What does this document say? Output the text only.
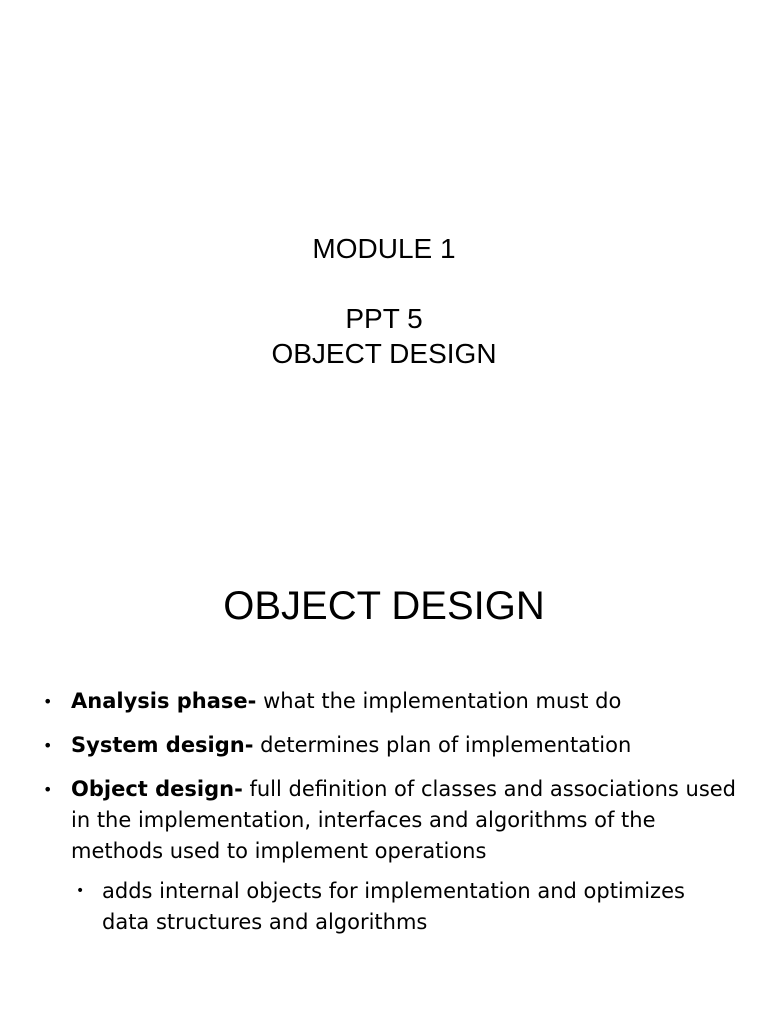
MODULE 1
PPT 5
OBJECT DESIGN
OBJECT DESIGN
• Analysis phase- what the implementation must do
• System design- determines plan of implementation
• Object design- full definition of classes and associations used
in the implementation, interfaces and algorithms of the
methods used to implement operations
• adds internal objects for implementation and optimizes
data structures and algorithms
